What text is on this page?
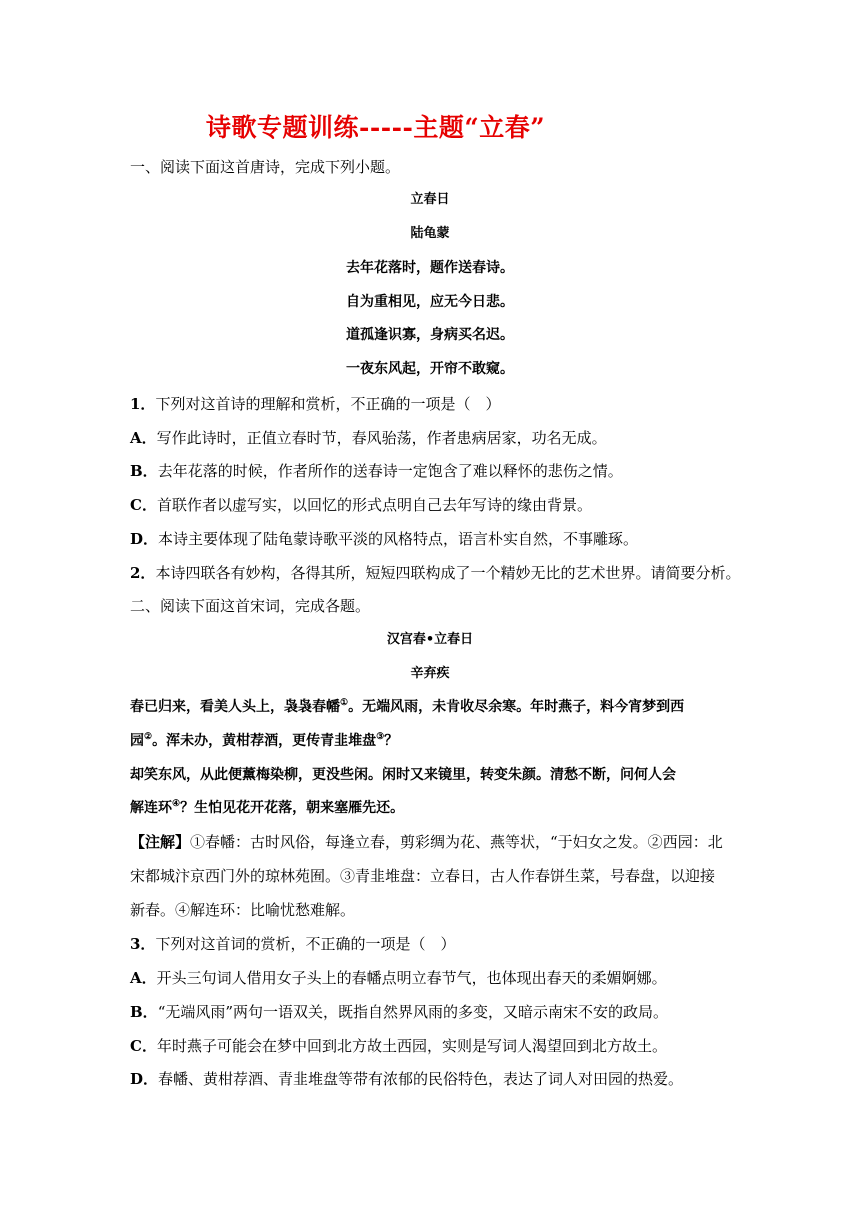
诗歌专题训练-----主题“立春”
一、阅读下面这首唐诗，完成下列小题。
立春日
陆龟蒙
去年花落时，题作送春诗。
自为重相见，应无今日悲。
道孤逢识寡，身病买名迟。
一夜东风起，开帘不敢窥。
1．下列对这首诗的理解和赏析，不正确的一项是（　）
A．写作此诗时，正值立春时节，春风骀荡，作者患病居家，功名无成。
B．去年花落的时候，作者所作的送春诗一定饱含了难以释怀的悲伤之情。
C．首联作者以虚写实，以回忆的形式点明自己去年写诗的缘由背景。
D．本诗主要体现了陆龟蒙诗歌平淡的风格特点，语言朴实自然，不事雕琢。
2．本诗四联各有妙构，各得其所，短短四联构成了一个精妙无比的艺术世界。请简要分析。
二、阅读下面这首宋词，完成各题。
汉宫春•立春日
辛弃疾
春已归来，看美人头上，袅袅春幡①。无端风雨，未肯收尽余寒。年时燕子，料今宵梦到西
园②。浑未办，黄柑荐酒，更传青韭堆盘③？
却笑东风，从此便薰梅染柳，更没些闲。闲时又来镜里，转变朱颜。清愁不断，问何人会
解连环④？生怕见花开花落，朝来塞雁先还。
【注解】①春幡：古时风俗，每逢立春，剪彩绸为花、燕等状，“于妇女之发。②西园：北
宋都城汴京西门外的琼林苑囿。③青韭堆盘：立春日，古人作春饼生菜，号春盘，以迎接
新春。④解连环：比喻忧愁难解。
3．下列对这首词的赏析，不正确的一项是（　）
A．开头三句词人借用女子头上的春幡点明立春节气，也体现出春天的柔媚婀娜。
B．“无端风雨”两句一语双关，既指自然界风雨的多变，又暗示南宋不安的政局。
C．年时燕子可能会在梦中回到北方故土西园，实则是写词人渴望回到北方故土。
D．春幡、黄柑荐酒、青韭堆盘等带有浓郁的民俗特色，表达了词人对田园的热爱。
